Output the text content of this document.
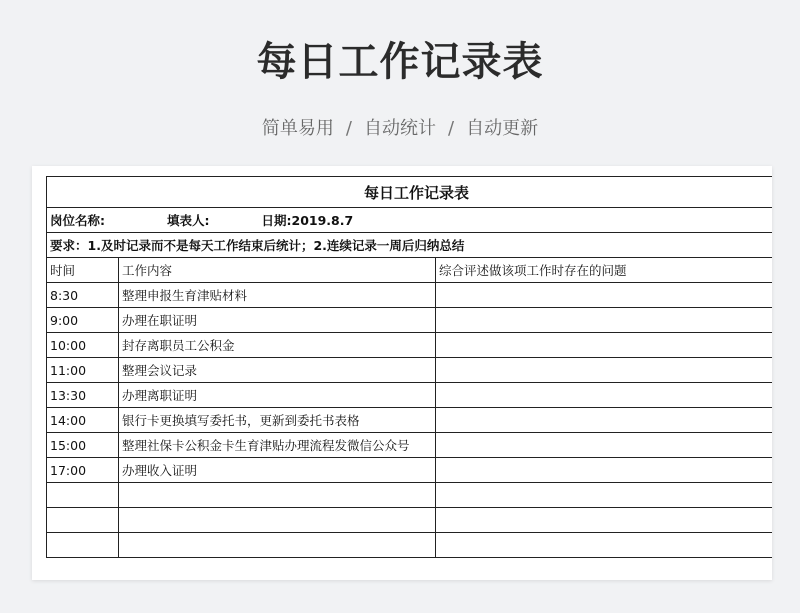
每日工作记录表
简单易用 / 自动统计 / 自动更新
每日工作记录表		
岗位名称: 填表人: 日期:2019.8.7		
要求：1.及时记录而不是每天工作结束后统计；2.连续记录一周后归纳总结		
时间	工作内容	综合评述做该项工作时存在的问题
8:30	整理申报生育津贴材料	
9:00	办理在职证明	
10:00	封存离职员工公积金	
11:00	整理会议记录	
13:30	办理离职证明	
14:00	银行卡更换填写委托书，更新到委托书表格	
15:00	整理社保卡公积金卡生育津贴办理流程发微信公众号	
17:00	办理收入证明	
